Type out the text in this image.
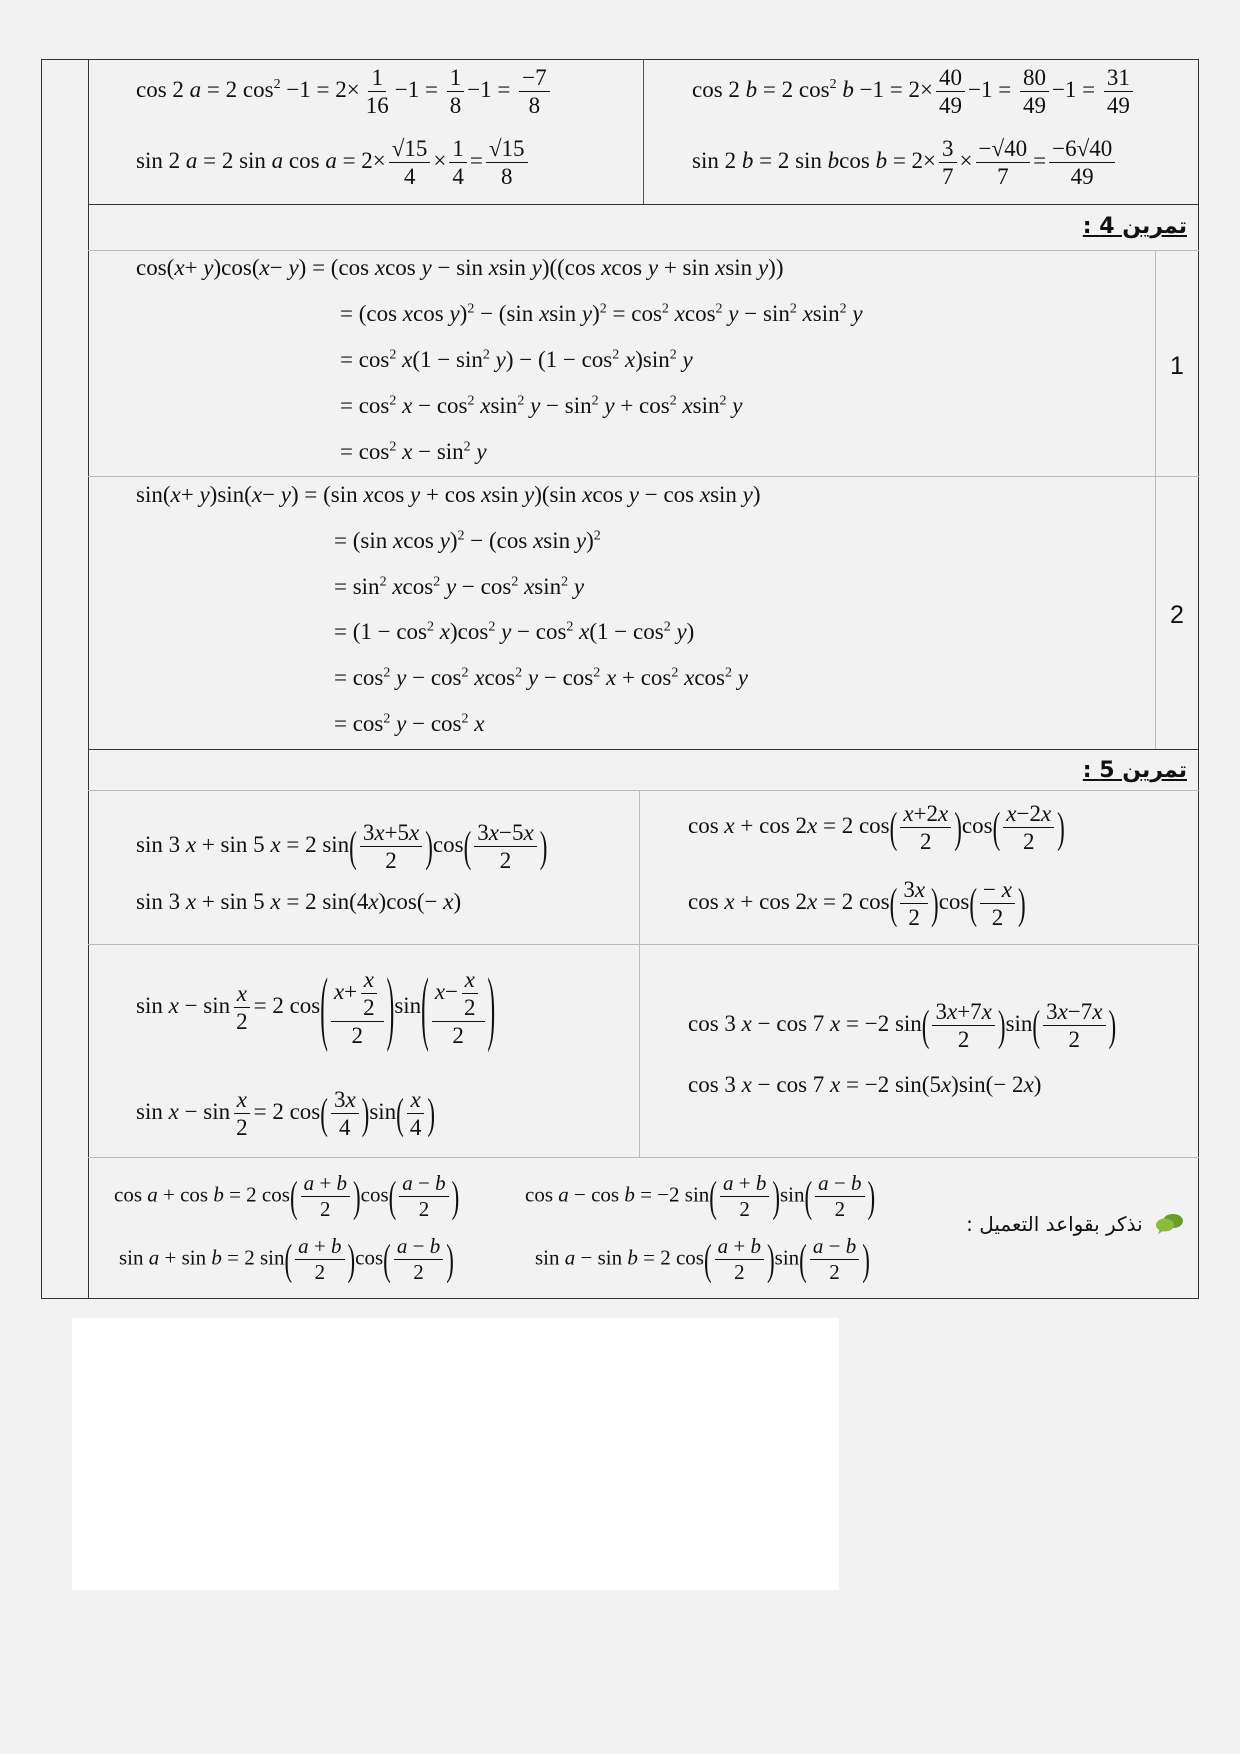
cos 2 a = 2 $\cos^2 -1 = 2\times \frac{1}{16} -1 = \frac{1}{8} -1 = \frac{-7}{8}$
sin 2 a = 2 sin a $\cos a = 2\times \frac{√15}{4} \times \frac{1}{4} = \frac{√15}{8}$
cos 2 b = 2 $\cos^2 b -1 = 2\times \frac{40}{49} -1 = \frac{80}{49} -1 = \frac{31}{49}$
sin 2 b = 2 sin bcos $b = 2\times \frac{3}{7} \times \frac{-√40}{7} = \frac{-6√40}{49}$
تمرين 4 :
cos(x+ y)cos(x− y) = (cos xcos y − sin xsin y)((cos xcos y + sin xsin y))
= (cos xcos y)$^2$ − (sin xsin $y)^2 = \cos^2 xcos^2$ $y - \sin^2 xsin^2$ y
= $\cos^2 x(1 - \sin^2 y) - (1 - \cos^2 x)\sin^2$ y
= $\cos^2 x - \cos^2 xsin^2$ $y - \sin^2 y + \cos^2 xsin^2$ y
= $\cos^2 x - \sin^2 y$
1
sin(x+ y)sin(x− y) = (sin xcos y + cos xsin y)(sin xcos y − cos xsin y)
= (sin xcos y)$^2$ − (cos xsin y)$^2$
= $\sin^2 xcos^2$ $y - \cos^2 xsin^2$ y
= $(1 - \cos^2 x)\cos^2$ $y - \cos^2 x(1 - \cos^2 y)$
= $\cos^2 y - \cos^2 xcos^2$ $y - \cos^2 x + \cos^2 xcos^2$ y
= $\cos^2 y - \cos^2 x$
2
تمرين 5 :
sin 3 x + sin 5 x = 2 $\sin( \frac{3x+5x}{2} )\cos( \frac{3x-5x}{2}$ )
sin 3 x + sin 5 x = 2 sin(4x)cos(− x)
cos x + cos 2x = 2 $\cos( \frac{x+2x}{2} )\cos( \frac{x-2x}{2}$ )
cos x + cos 2x = 2 $\cos( \frac{3x}{2} )\cos( \frac{- x}{2}$ )
$\sin x - \sin \frac{x}{2} = 2$ $\cos( \frac{x+ \frac{x}{2}}{2} )\sin( \frac{x- \frac{x}{2}}{2}$ )
$\sin x - \sin \frac{x}{2} = 2$ $\cos( \frac{3x}{4} )\sin( \frac{x}{4}$ )
cos 3 x − cos 7 x = −2 $\sin( \frac{3x+7x}{2} )\sin( \frac{3x-7x}{2}$ )
cos 3 x − cos 7 x = −2 sin(5x)sin(− 2x)
cos a + cos b = 2 $\cos( \frac{a + b}{2} )\cos( \frac{a - b}{2}$ )	cos a − cos b = −2 $\sin( \frac{a + b}{2} )\sin( \frac{a - b}{2}$ )
sin a + sin b = 2 $\sin( \frac{a + b}{2} )\cos( \frac{a - b}{2}$ )	sin a − sin b = 2 $\cos( \frac{a + b}{2} )\sin( \frac{a - b}{2}$ )
نذكر بقواعد التعميل :
